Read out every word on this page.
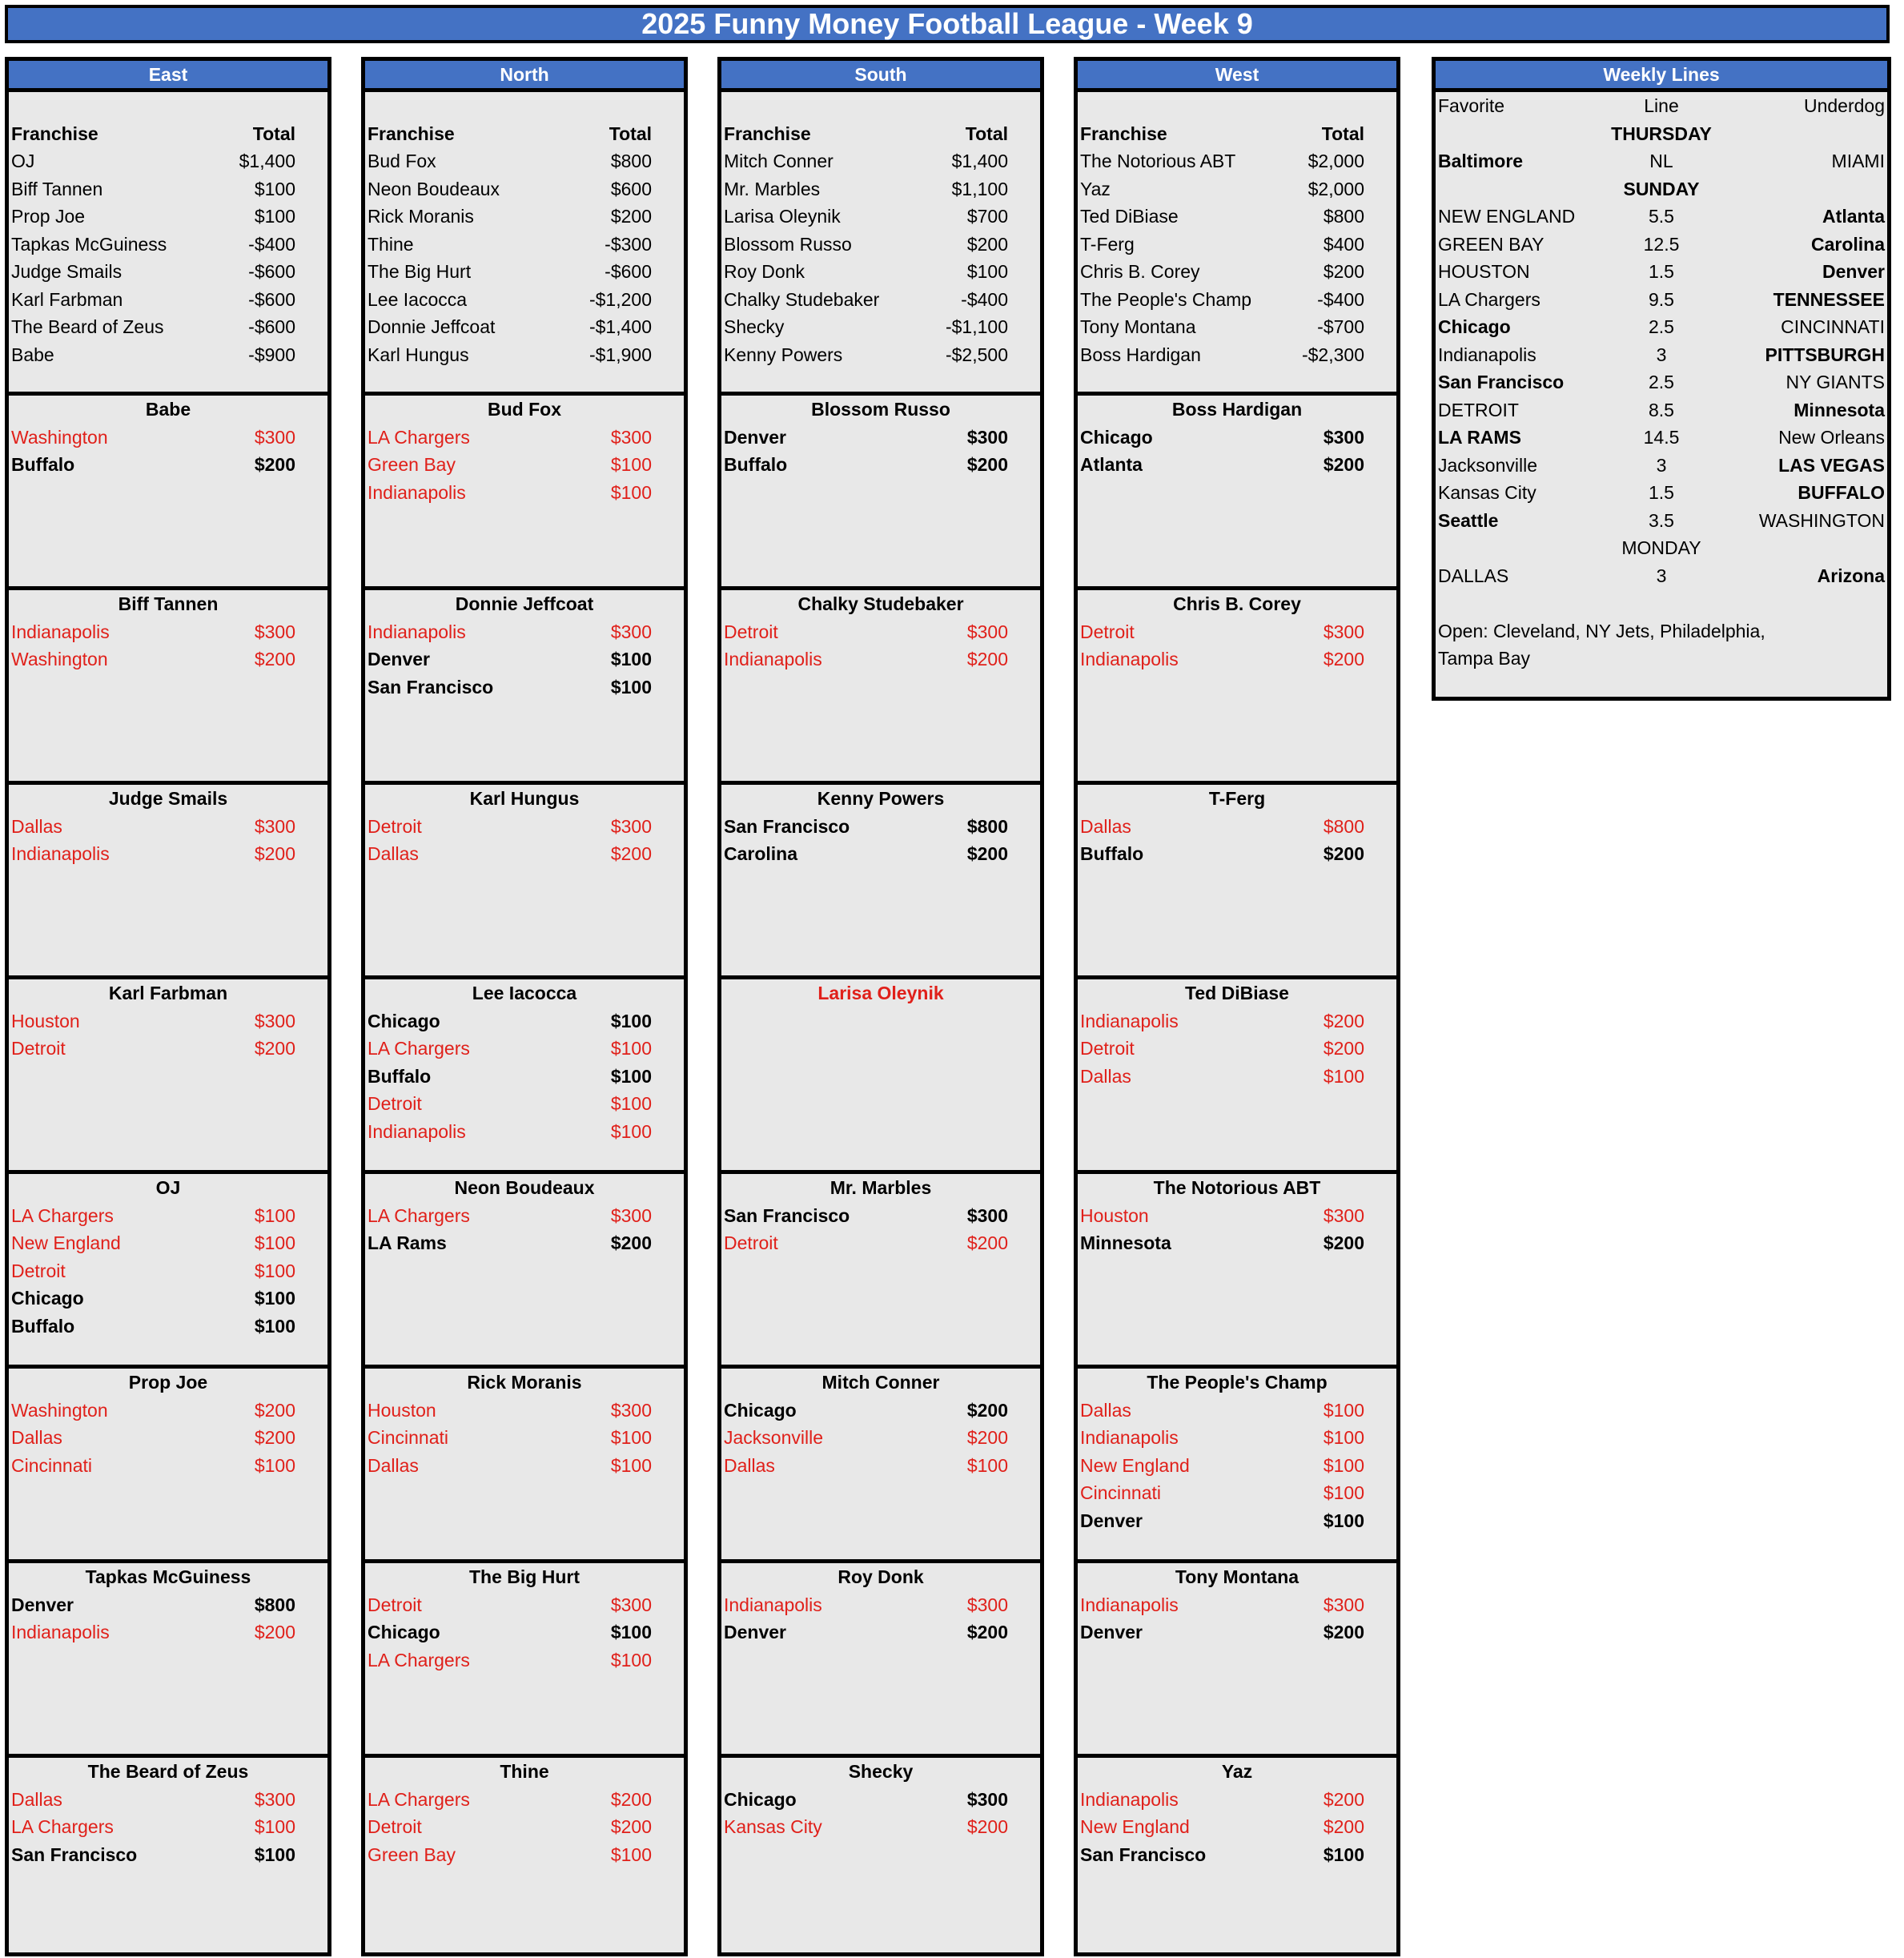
2025 Funny Money Football League - Week 9
East
Franchise	Total
OJ	$1,400
Biff Tannen	$100
Prop Joe	$100
Tapkas McGuiness	-$400
Judge Smails	-$600
Karl Farbman	-$600
The Beard of Zeus	-$600
Babe	-$900
Babe
Washington	$300
Buffalo	$200
Biff Tannen
Indianapolis	$300
Washington	$200
Judge Smails
Dallas	$300
Indianapolis	$200
Karl Farbman
Houston	$300
Detroit	$200
OJ
LA Chargers	$100
New England	$100
Detroit	$100
Chicago	$100
Buffalo	$100
Prop Joe
Washington	$200
Dallas	$200
Cincinnati	$100
Tapkas McGuiness
Denver	$800
Indianapolis	$200
The Beard of Zeus
Dallas	$300
LA Chargers	$100
San Francisco	$100
North
Franchise	Total
Bud Fox	$800
Neon Boudeaux	$600
Rick Moranis	$200
Thine	-$300
The Big Hurt	-$600
Lee Iacocca	-$1,200
Donnie Jeffcoat	-$1,400
Karl Hungus	-$1,900
Bud Fox
LA Chargers	$300
Green Bay	$100
Indianapolis	$100
Donnie Jeffcoat
Indianapolis	$300
Denver	$100
San Francisco	$100
Karl Hungus
Detroit	$300
Dallas	$200
Lee Iacocca
Chicago	$100
LA Chargers	$100
Buffalo	$100
Detroit	$100
Indianapolis	$100
Neon Boudeaux
LA Chargers	$300
LA Rams	$200
Rick Moranis
Houston	$300
Cincinnati	$100
Dallas	$100
The Big Hurt
Detroit	$300
Chicago	$100
LA Chargers	$100
Thine
LA Chargers	$200
Detroit	$200
Green Bay	$100
South
Franchise	Total
Mitch Conner	$1,400
Mr. Marbles	$1,100
Larisa Oleynik	$700
Blossom Russo	$200
Roy Donk	$100
Chalky Studebaker	-$400
Shecky	-$1,100
Kenny Powers	-$2,500
Blossom Russo
Denver	$300
Buffalo	$200
Chalky Studebaker
Detroit	$300
Indianapolis	$200
Kenny Powers
San Francisco	$800
Carolina	$200
Larisa Oleynik
Mr. Marbles
San Francisco	$300
Detroit	$200
Mitch Conner
Chicago	$200
Jacksonville	$200
Dallas	$100
Roy Donk
Indianapolis	$300
Denver	$200
Shecky
Chicago	$300
Kansas City	$200
West
Franchise	Total
The Notorious ABT	$2,000
Yaz	$2,000
Ted DiBiase	$800
T-Ferg	$400
Chris B. Corey	$200
The People's Champ	-$400
Tony Montana	-$700
Boss Hardigan	-$2,300
Boss Hardigan
Chicago	$300
Atlanta	$200
Chris B. Corey
Detroit	$300
Indianapolis	$200
T-Ferg
Dallas	$800
Buffalo	$200
Ted DiBiase
Indianapolis	$200
Detroit	$200
Dallas	$100
The Notorious ABT
Houston	$300
Minnesota	$200
The People's Champ
Dallas	$100
Indianapolis	$100
New England	$100
Cincinnati	$100
Denver	$100
Tony Montana
Indianapolis	$300
Denver	$200
Yaz
Indianapolis	$200
New England	$200
San Francisco	$100
Weekly Lines
Favorite	Line	Underdog
THURSDAY
Baltimore	NL	MIAMI
SUNDAY
NEW ENGLAND	5.5	Atlanta
GREEN BAY	12.5	Carolina
HOUSTON	1.5	Denver
LA Chargers	9.5	TENNESSEE
Chicago	2.5	CINCINNATI
Indianapolis	3	PITTSBURGH
San Francisco	2.5	NY GIANTS
DETROIT	8.5	Minnesota
LA RAMS	14.5	New Orleans
Jacksonville	3	LAS VEGAS
Kansas City	1.5	BUFFALO
Seattle	3.5	WASHINGTON
MONDAY
DALLAS	3	Arizona
Open: Cleveland, NY Jets, Philadelphia, Tampa Bay
